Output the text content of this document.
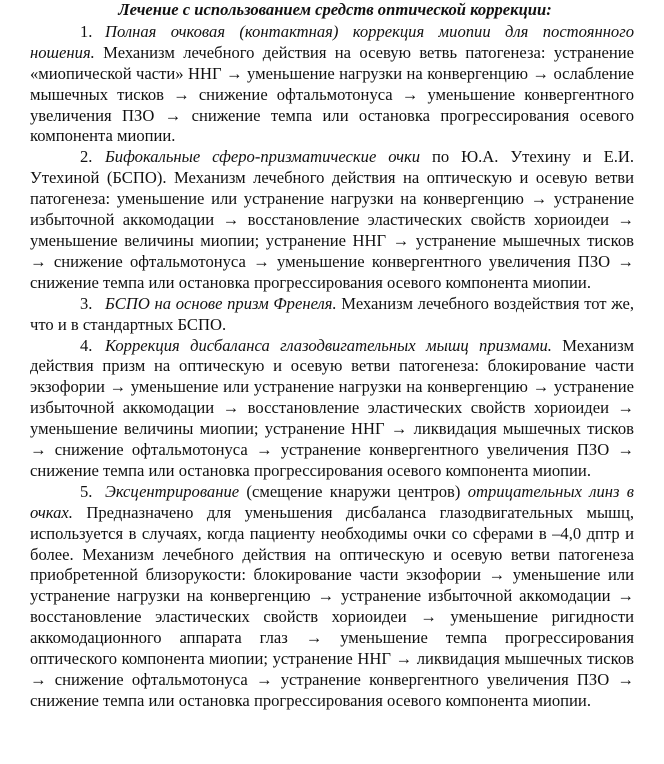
Лечение с использованием средств оптической коррекции:

1. Полная очковая (контактная) коррекция миопии для постоянного ношения. Механизм лечебного действия на осевую ветвь патогенеза: устранение «миопической части» ННГ → уменьшение нагрузки на конвергенцию → ослабление мышечных тисков → снижение офтальмотонуса → уменьшение конвергентного увеличения ПЗО → снижение темпа или остановка прогрессирования осевого компонента миопии.

2. Бифокальные сферо-призматические очки по Ю.А. Утехину и Е.И. Утехиной (БСПО). Механизм лечебного действия на оптическую и осевую ветви патогенеза: уменьшение или устранение нагрузки на конвергенцию → устранение избыточной аккомодации → восстановление эластических свойств хориоидеи → уменьшение величины миопии; устранение ННГ → устранение мышечных тисков → снижение офтальмотонуса → уменьшение конвергентного увеличения ПЗО → снижение темпа или остановка прогрессирования осевого компонента миопии.

3. БСПО на основе призм Френеля. Механизм лечебного воздействия тот же, что и в стандартных БСПО.

4. Коррекция дисбаланса глазодвигательных мышц призмами. Механизм действия призм на оптическую и осевую ветви патогенеза: блокирование части экзофории → уменьшение или устранение нагрузки на конвергенцию → устранение избыточной аккомодации → восстановление эластических свойств хориоидеи → уменьшение величины миопии; устранение ННГ → ликвидация мышечных тисков → снижение офтальмотонуса → устранение конвергентного увеличения ПЗО → снижение темпа или остановка прогрессирования осевого компонента миопии.

5. Эксцентрирование (смещение кнаружи центров) отрицательных линз в очках. Предназначено для уменьшения дисбаланса глазодвигательных мышц, используется в случаях, когда пациенту необходимы очки со сферами в –4,0 дптр и более. Механизм лечебного действия на оптическую и осевую ветви патогенеза приобретенной близорукости: блокирование части экзофории → уменьшение или устранение нагрузки на конвергенцию → устранение избыточной аккомодации → восстановление эластических свойств хориоидеи → уменьшение ригидности аккомодационного аппарата глаз → уменьшение темпа прогрессирования оптического компонента миопии; устранение ННГ → ликвидация мышечных тисков → снижение офтальмотонуса → устранение конвергентного увеличения ПЗО → снижение темпа или остановка прогрессирования осевого компонента миопии.
